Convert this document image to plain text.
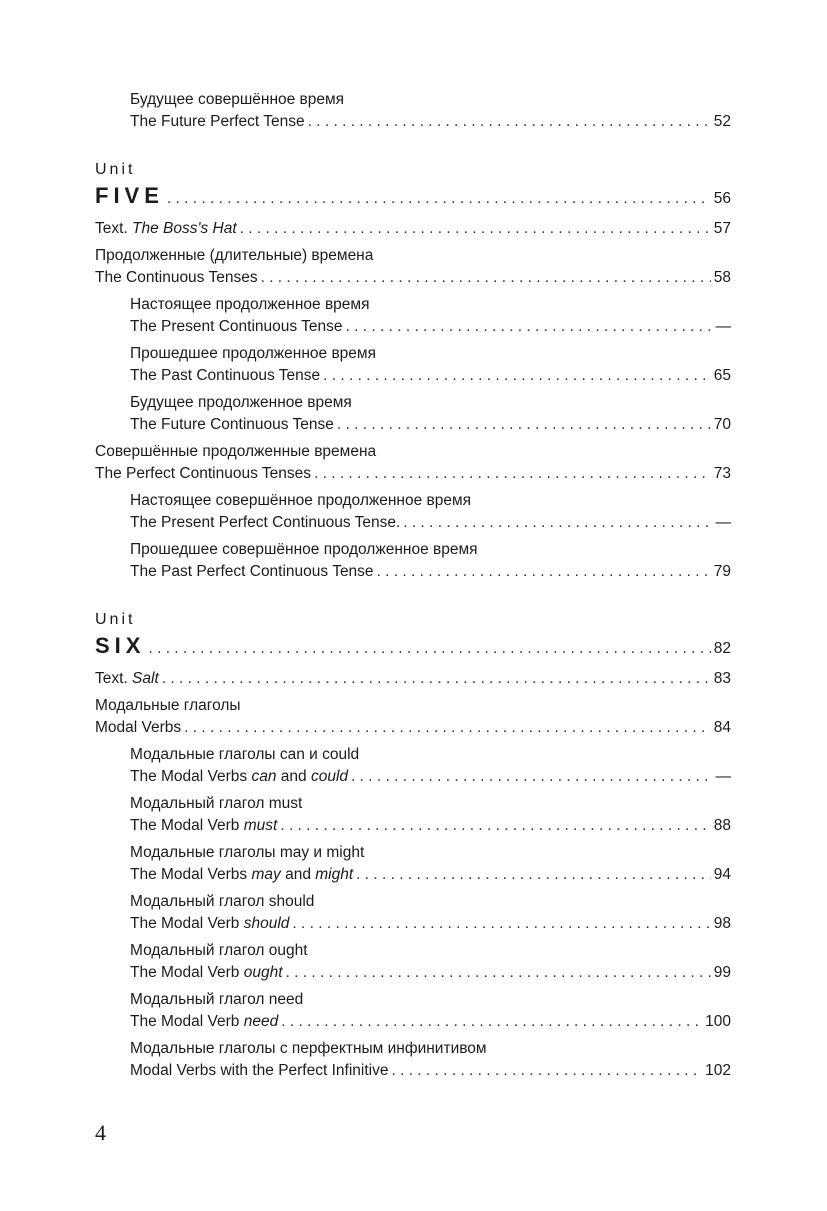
Будущее совершённое время
The Future Perfect Tense . . .	52
Unit
FIVE . . .	56
Text. The Boss's Hat . . .	57
Продолженные (длительные) времена
The Continuous Tenses . . .	58
Настоящее продолженное время
The Present Continuous Tense . . .	—
Прошедшее продолженное время
The Past Continuous Tense . . .	65
Будущее продолженное время
The Future Continuous Tense . . .	70
Совершённые продолженные времена
The Perfect Continuous Tenses . . .	73
Настоящее совершённое продолженное время
The Present Perfect Continuous Tense. . . .	—
Прошедшее совершённое продолженное время
The Past Perfect Continuous Tense . . .	79
Unit
SIX . . .	82
Text. Salt . . .	83
Модальные глаголы
Modal Verbs . . .	84
Модальные глаголы can и could
The Modal Verbs can and could . . .	—
Модальный глагол must
The Modal Verb must . . .	88
Модальные глаголы may и might
The Modal Verbs may and might . . .	94
Модальный глагол should
The Modal Verb should . . .	98
Модальный глагол ought
The Modal Verb ought . . .	99
Модальный глагол need
The Modal Verb need . . .	100
Модальные глаголы с перфектным инфинитивом
Modal Verbs with the Perfect Infinitive . . .	102
4
